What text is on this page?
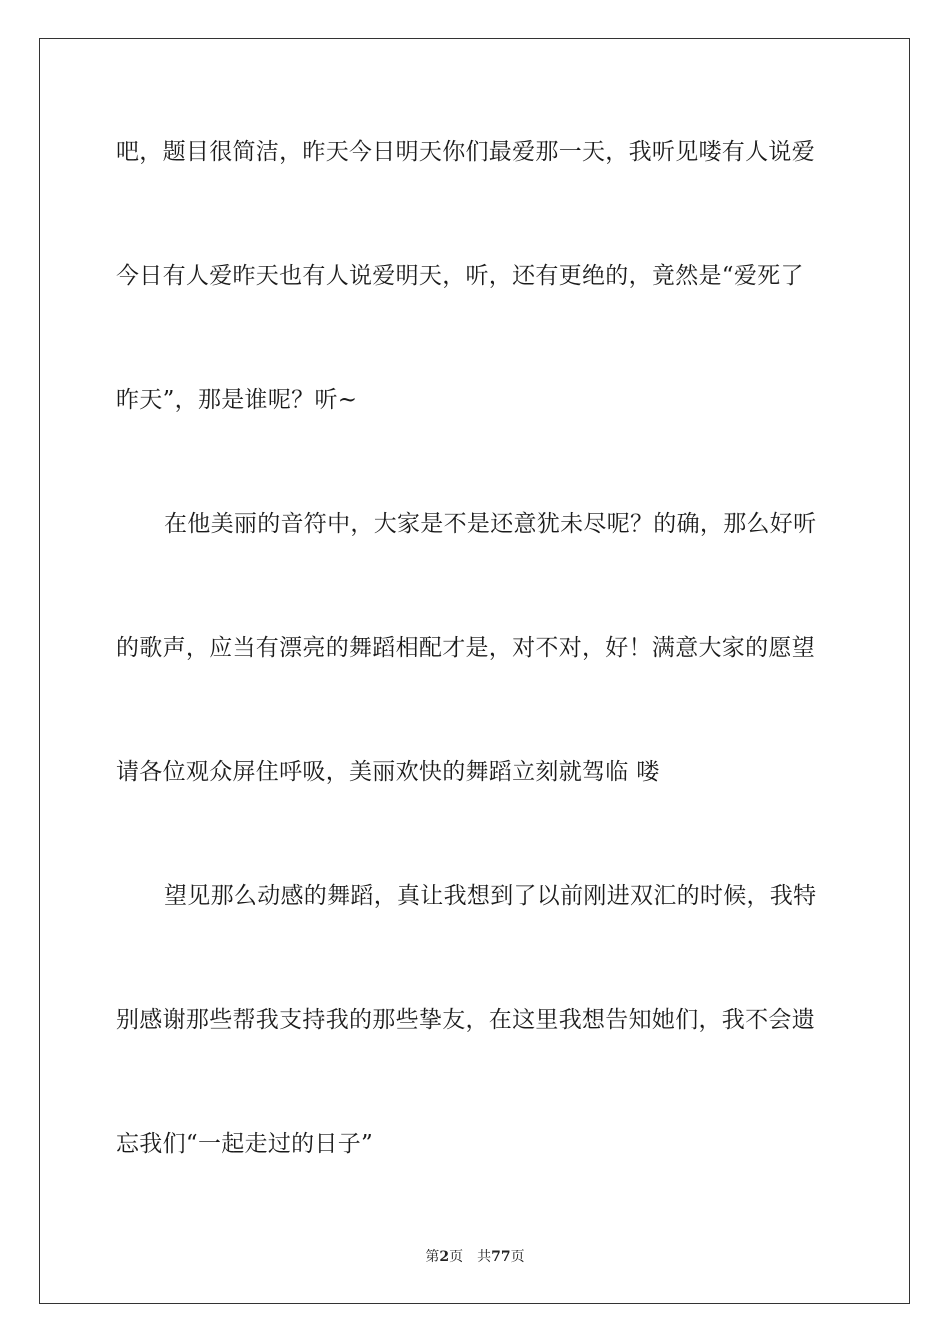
吧，题目很简洁，昨天今日明天你们最爱那一天，我听见喽有人说爱
今日有人爱昨天也有人说爱明天，听，还有更绝的，竟然是“爱死了
昨天”，那是谁呢？听~
在他美丽的音符中，大家是不是还意犹未尽呢？的确，那么好听
的歌声，应当有漂亮的舞蹈相配才是，对不对，好！满意大家的愿望
请各位观众屏住呼吸，美丽欢快的舞蹈立刻就驾临 喽
望见那么动感的舞蹈，真让我想到了以前刚进双汇的时候，我特
别感谢那些帮我支持我的那些挚友，在这里我想告知她们，我不会遗
忘我们“一起走过的日子”
第2页 共77页
